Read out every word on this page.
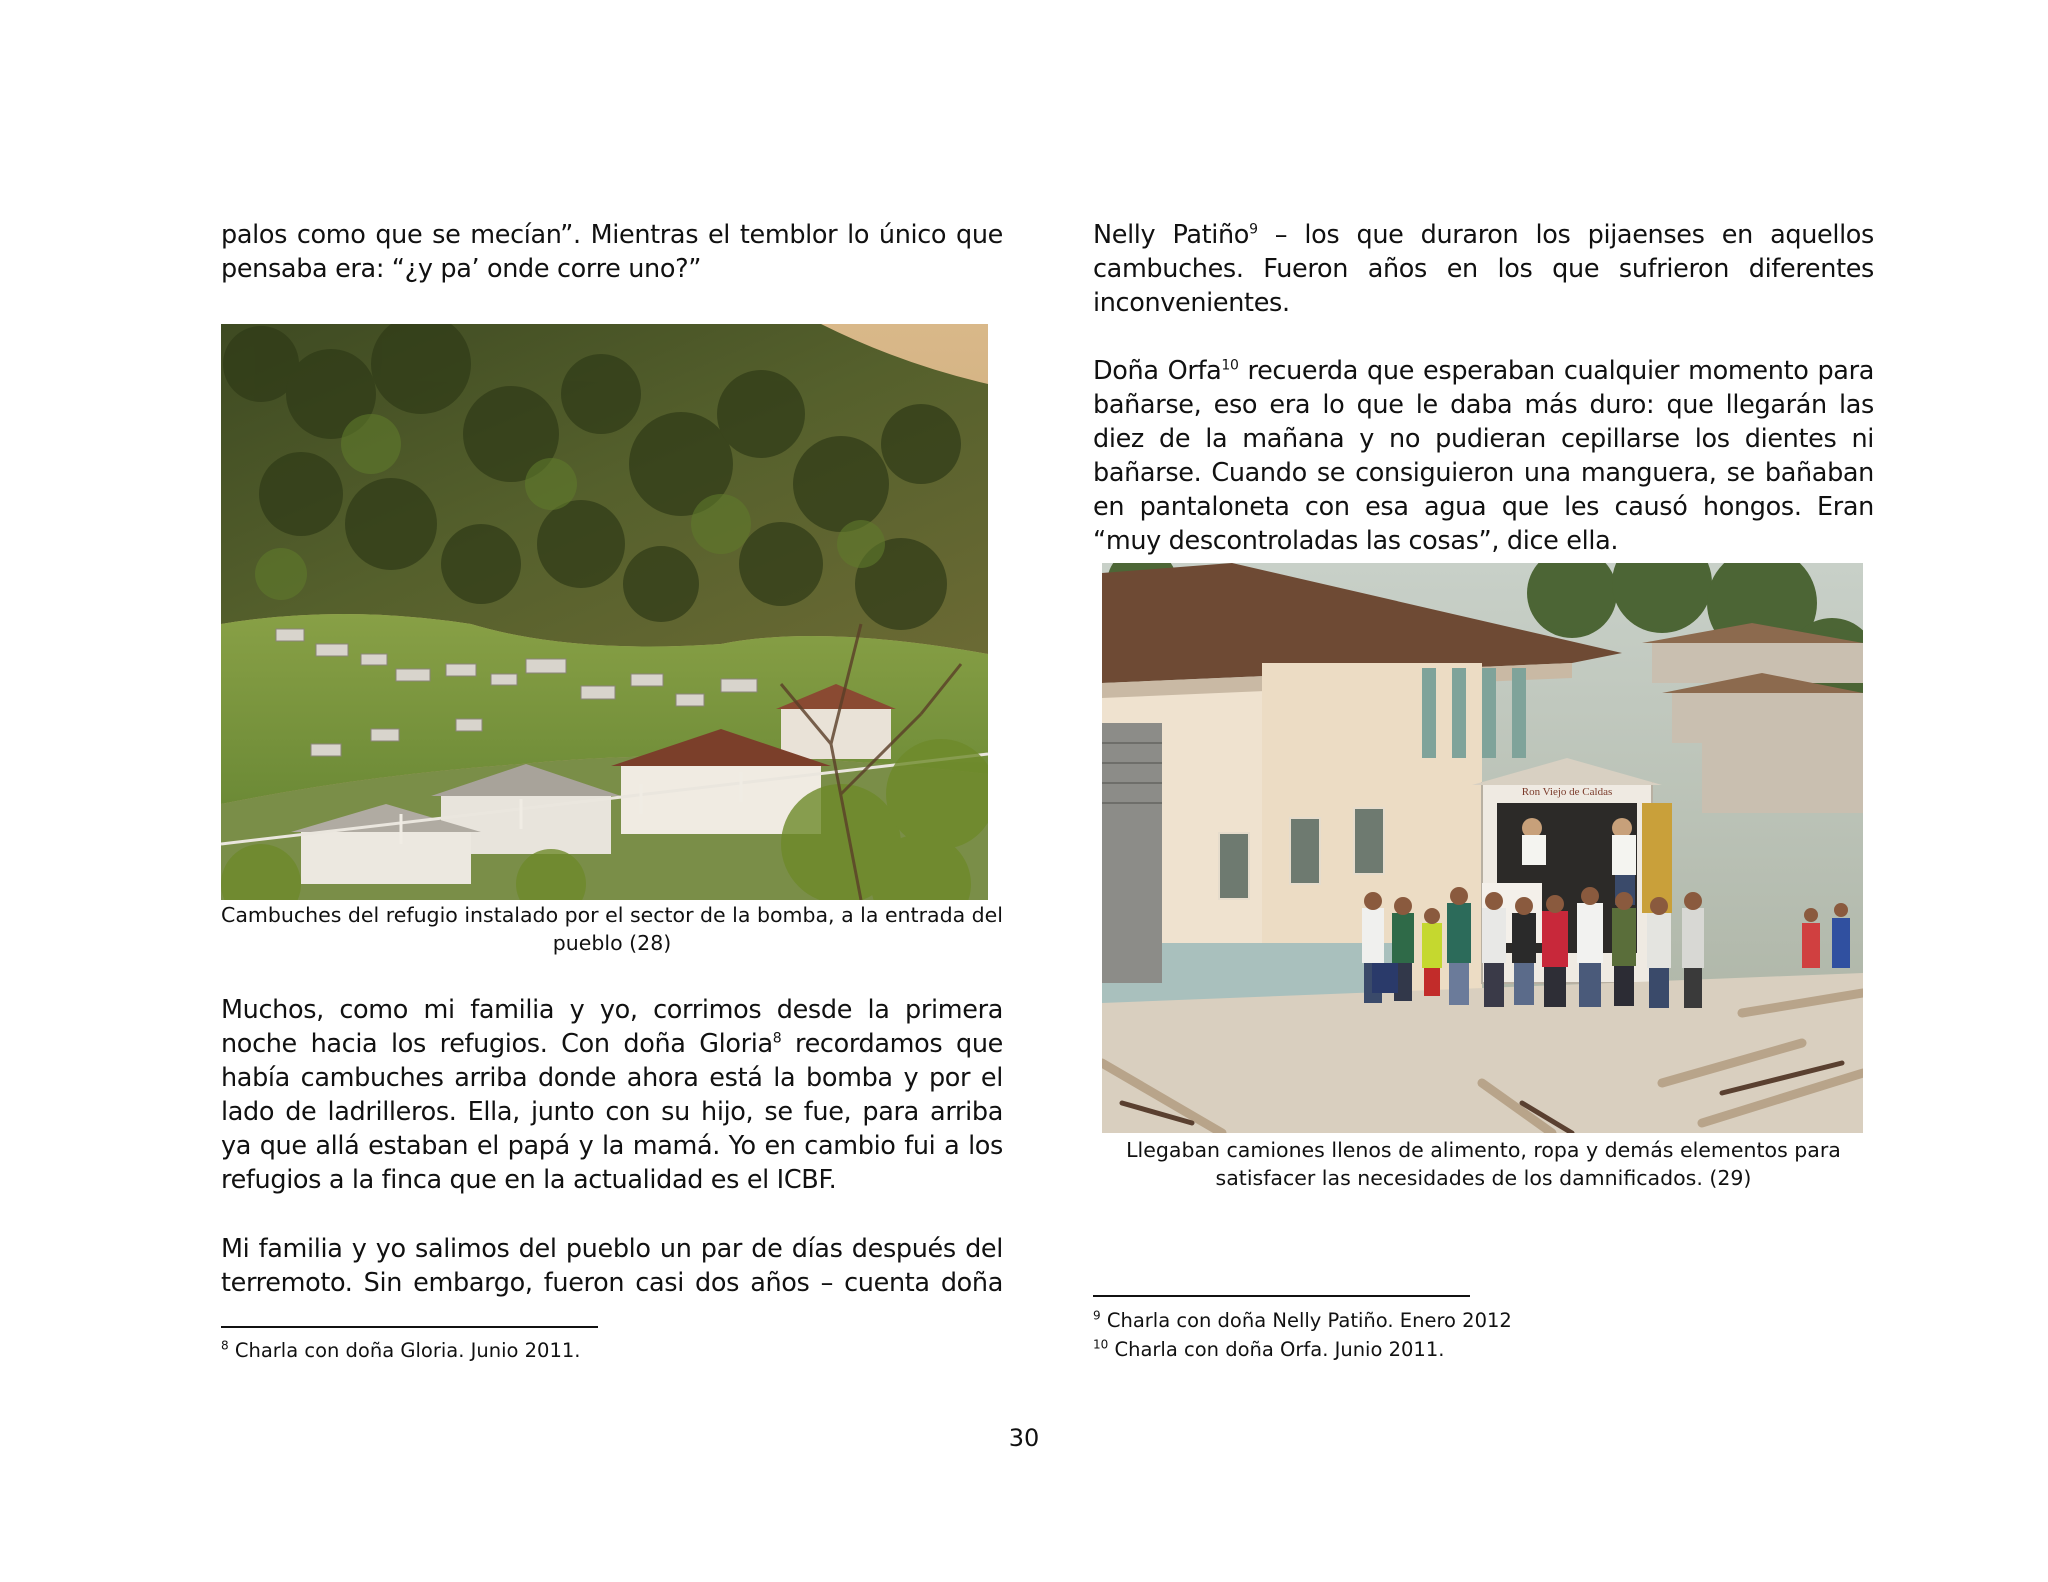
palos como que se mecían”. Mientras el temblor lo único que

pensaba era: “¿y pa’ onde corre uno?”

Cambuches del refugio instalado por el sector de la bomba, a la entrada del pueblo (28)

Muchos, como mi familia y yo, corrimos desde la primera noche hacia los refugios. Con doña Gloria$^8$ recordamos que había cambuches arriba donde ahora está la bomba y por el lado de ladrilleros. Ella, junto con su hijo, se fue, para arriba ya que allá estaban el papá y la mamá. Yo en cambio fui a los refugios a la finca que en la actualidad es el ICBF.

Mi familia y yo salimos del pueblo un par de días después del terremoto. Sin embargo, fueron casi dos años – cuenta doña

$^8$ Charla con doña Gloria. Junio 2011.

Nelly Patiño$^9$ – los que duraron los pijaenses en aquellos cambuches. Fueron años en los que sufrieron diferentes inconvenientes.

Doña Orfa$^{10}$ recuerda que esperaban cualquier momento para bañarse, eso era lo que le daba más duro: que llegarán las diez de la mañana y no pudieran cepillarse los dientes ni bañarse. Cuando se consiguieron una manguera, se bañaban en pantaloneta con esa agua que les causó hongos. Eran “muy descontroladas las cosas”, dice ella.

Ron Viejo de Caldas

Llegaban camiones llenos de alimento, ropa y demás elementos para satisfacer las necesidades de los damnificados. (29)

$^9$ Charla con doña Nelly Patiño. Enero 2012

$^{10}$ Charla con doña Orfa. Junio 2011.

30
